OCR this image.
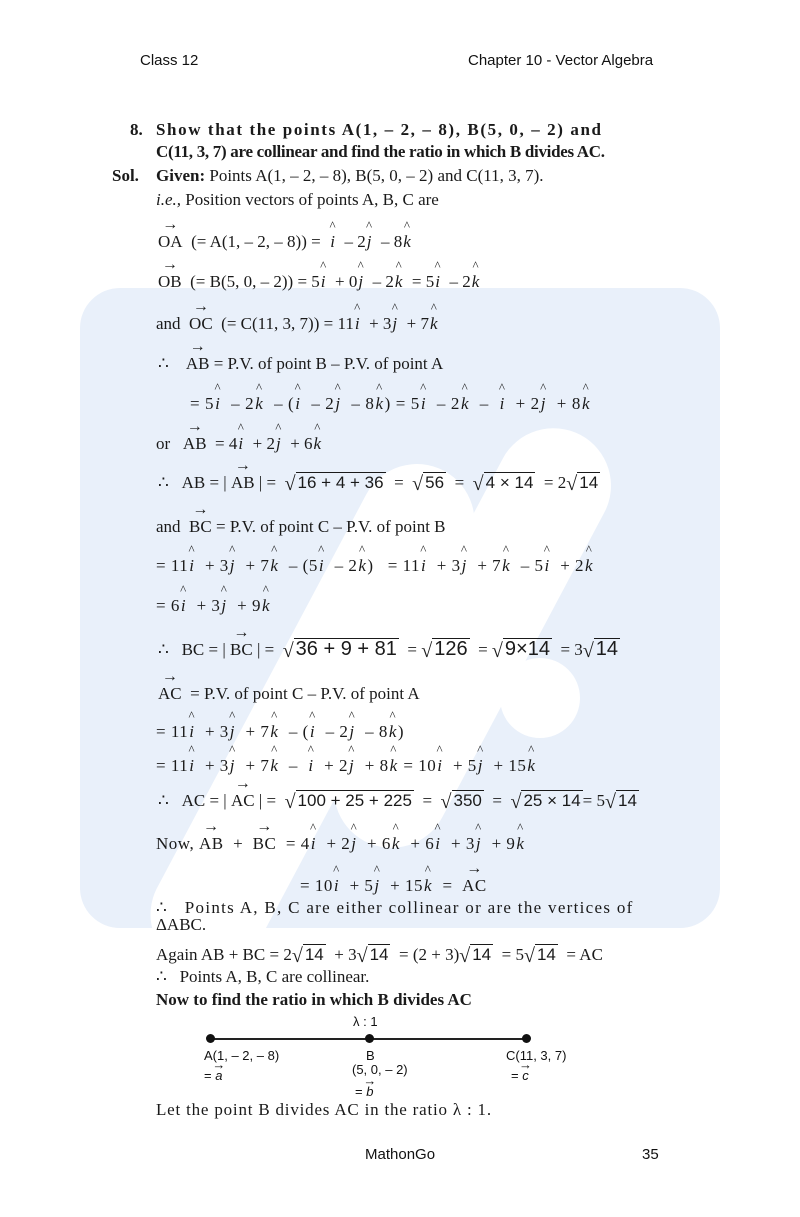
Class 12	Chapter 10 - Vector Algebra
8. Show that the points A(1, – 2, – 8), B(5, 0, – 2) and
C(11, 3, 7) are collinear and find the ratio in which B divides AC.
Sol. Given: Points A(1, – 2, – 8), B(5, 0, – 2) and C(11, 3, 7).
i.e., Position vectors of points A, B, C are
→ OA  (= A(1, – 2, – 8)) =  ^ i  – 2^ j  – 8^ k
→ OB  (= B(5, 0, – 2)) = 5^ i  + 0^ j  – 2^ k  = 5^ i  – 2^ k
and → OC  (= C(11, 3, 7)) = 11^ i  + 3^ j  + 7^ k
∴ → AB = P.V. of point B – P.V. of point A
= 5^ i  – 2^ k  – (^ i  – 2^ j  – 8^ k) = 5^ i  – 2^ k  –  ^ i  + 2^ j  + 8^ k
or → AB  = 4^ i  + 2^ j  + 6^ k
∴   AB = | → AB | =  √ 16 + 4 + 36  =  √ 56  =  √ 4 × 14  = 2√ 14
and → BC = P.V. of point C – P.V. of point B
= 11^ i  + 3^ j  + 7^ k  – (5^ i  – 2^ k)   = 11^ i  + 3^ j  + 7^ k  – 5^ i  + 2^ k
= 6^ i  + 3^ j  + 9^ k
∴   BC = | → BC | =  √ 36 + 9 + 81  = √ 126  = √ 9×14  = 3√ 14
→ AC = P.V. of point C – P.V. of point A
= 11^ i  + 3^ j  + 7^ k  – (^ i  – 2^ j  – 8^ k)
= 11^ i  + 3^ j  + 7^ k  –  ^ i  + 2^ j  + 8^ k = 10^ i  + 5^ j  + 15^ k
∴   AC = | → AC | =  √ 100 + 25 + 225  =  √ 350  =  √ 25 × 14 = 5√ 14
Now, → AB  +  → BC  = 4^ i  + 2^ j  + 6^ k  + 6^ i  + 3^ j  + 9^ k
= 10^ i  + 5^ j  + 15^ k  =  → AC
∴ Points A, B, C are either collinear or are the vertices of
ΔABC.
Again AB + BC = 2√ 14  + 3√ 14  = (2 + 3)√ 14  = 5√ 14  = AC
∴ Points A, B, C are collinear.
Now to find the ratio in which B divides AC
Let the point B divides AC in the ratio λ : 1.
λ : 1
A(1, – 2, – 8)
= → a
B
(5, 0, – 2)
= → b
C(11, 3, 7)
= → c
MathonGo	35
